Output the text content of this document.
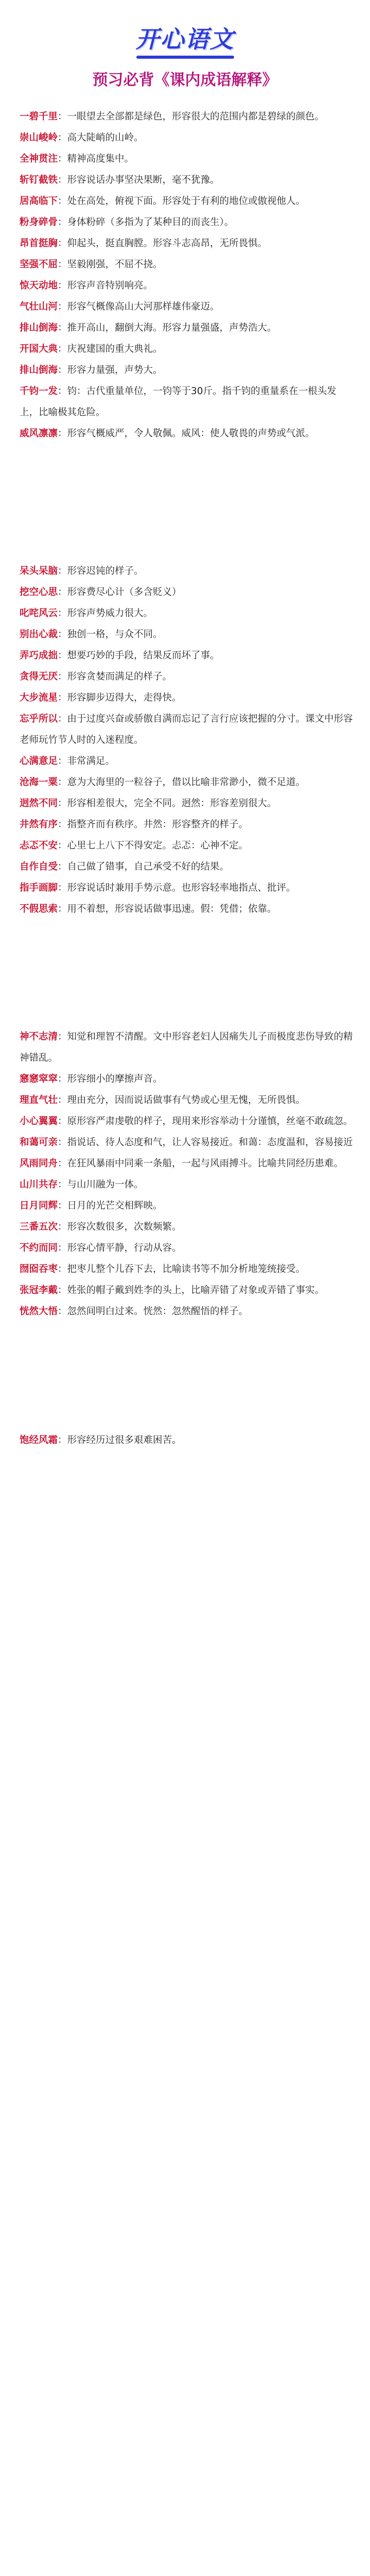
开心语文
预习必背《课内成语解释》
一碧千里：一眼望去全部都是绿色，形容很大的范围内都是碧绿的颜色。
崇山峻岭：高大陡峭的山岭。
全神贯注：精神高度集中。
斩钉截铁：形容说话办事坚决果断，毫不犹豫。
居高临下：处在高处，俯视下面。形容处于有利的地位或傲视他人。
粉身碎骨：身体粉碎（多指为了某种目的而丧生）。
昂首挺胸：仰起头，挺直胸膛。形容斗志高昂，无所畏惧。
坚强不屈：坚毅刚强，不屈不挠。
惊天动地：形容声音特别响亮。
气壮山河：形容气概像高山大河那样雄伟豪迈。
排山倒海：推开高山，翻倒大海。形容力量强盛，声势浩大。
开国大典：庆祝建国的重大典礼。
排山倒海：形容力量强，声势大。
千钧一发：钧：古代重量单位，一钧等于30斤。指千钧的重量系在一根头发上，比喻极其危险。
威风凛凛：形容气概威严，令人敬佩。威风：使人敬畏的声势或气派。
呆头呆脑：形容迟钝的样子。
挖空心思：形容费尽心计（多含贬义）
叱咤风云：形容声势威力很大。
别出心裁：独创一格，与众不同。
弄巧成拙：想要巧妙的手段，结果反而坏了事。
贪得无厌：形容贪婪而满足的样子。
大步流星：形容脚步迈得大，走得快。
忘乎所以：由于过度兴奋或骄傲自满而忘记了言行应该把握的分寸。课文中形容老师玩竹节人时的入迷程度。
心满意足：非常满足。
沧海一粟：意为大海里的一粒谷子，借以比喻非常渺小，微不足道。
迥然不同：形容相差很大，完全不同。迥然：形容差别很大。
井然有序：指整齐而有秩序。井然：形容整齐的样子。
忐忑不安：心里七上八下不得安定。忐忑：心神不定。
自作自受：自己做了错事，自己承受不好的结果。
指手画脚：形容说话时兼用手势示意。也形容轻率地指点、批评。
不假思索：用不着想，形容说话做事迅速。假：凭借；依靠。
神不志清：知觉和理智不清醒。文中形容老妇人因痛失儿子而极度悲伤导致的精神错乱。
窸窸窣窣：形容细小的摩擦声音。
理直气壮：理由充分，因而说话做事有气势或心里无愧，无所畏惧。
小心翼翼：原形容严肃虔敬的样子，现用来形容举动十分谨慎，丝毫不敢疏忽。
和蔼可亲：指说话、待人态度和气，让人容易接近。和蔼：态度温和，容易接近
风雨同舟：在狂风暴雨中同乘一条船，一起与风雨搏斗。比喻共同经历患难。
山川共存：与山川融为一体。
日月同辉：日月的光芒交相辉映。
三番五次：形容次数很多，次数频繁。
不约而同：形容心情平静，行动从容。
囫囵吞枣：把枣儿整个儿吞下去，比喻读书等不加分析地笼统接受。
张冠李戴：姓张的帽子戴到姓李的头上，比喻弄错了对象或弄错了事实。
恍然大悟：忽然间明白过来。恍然：忽然醒悟的样子。
饱经风霜：形容经历过很多艰难困苦。
